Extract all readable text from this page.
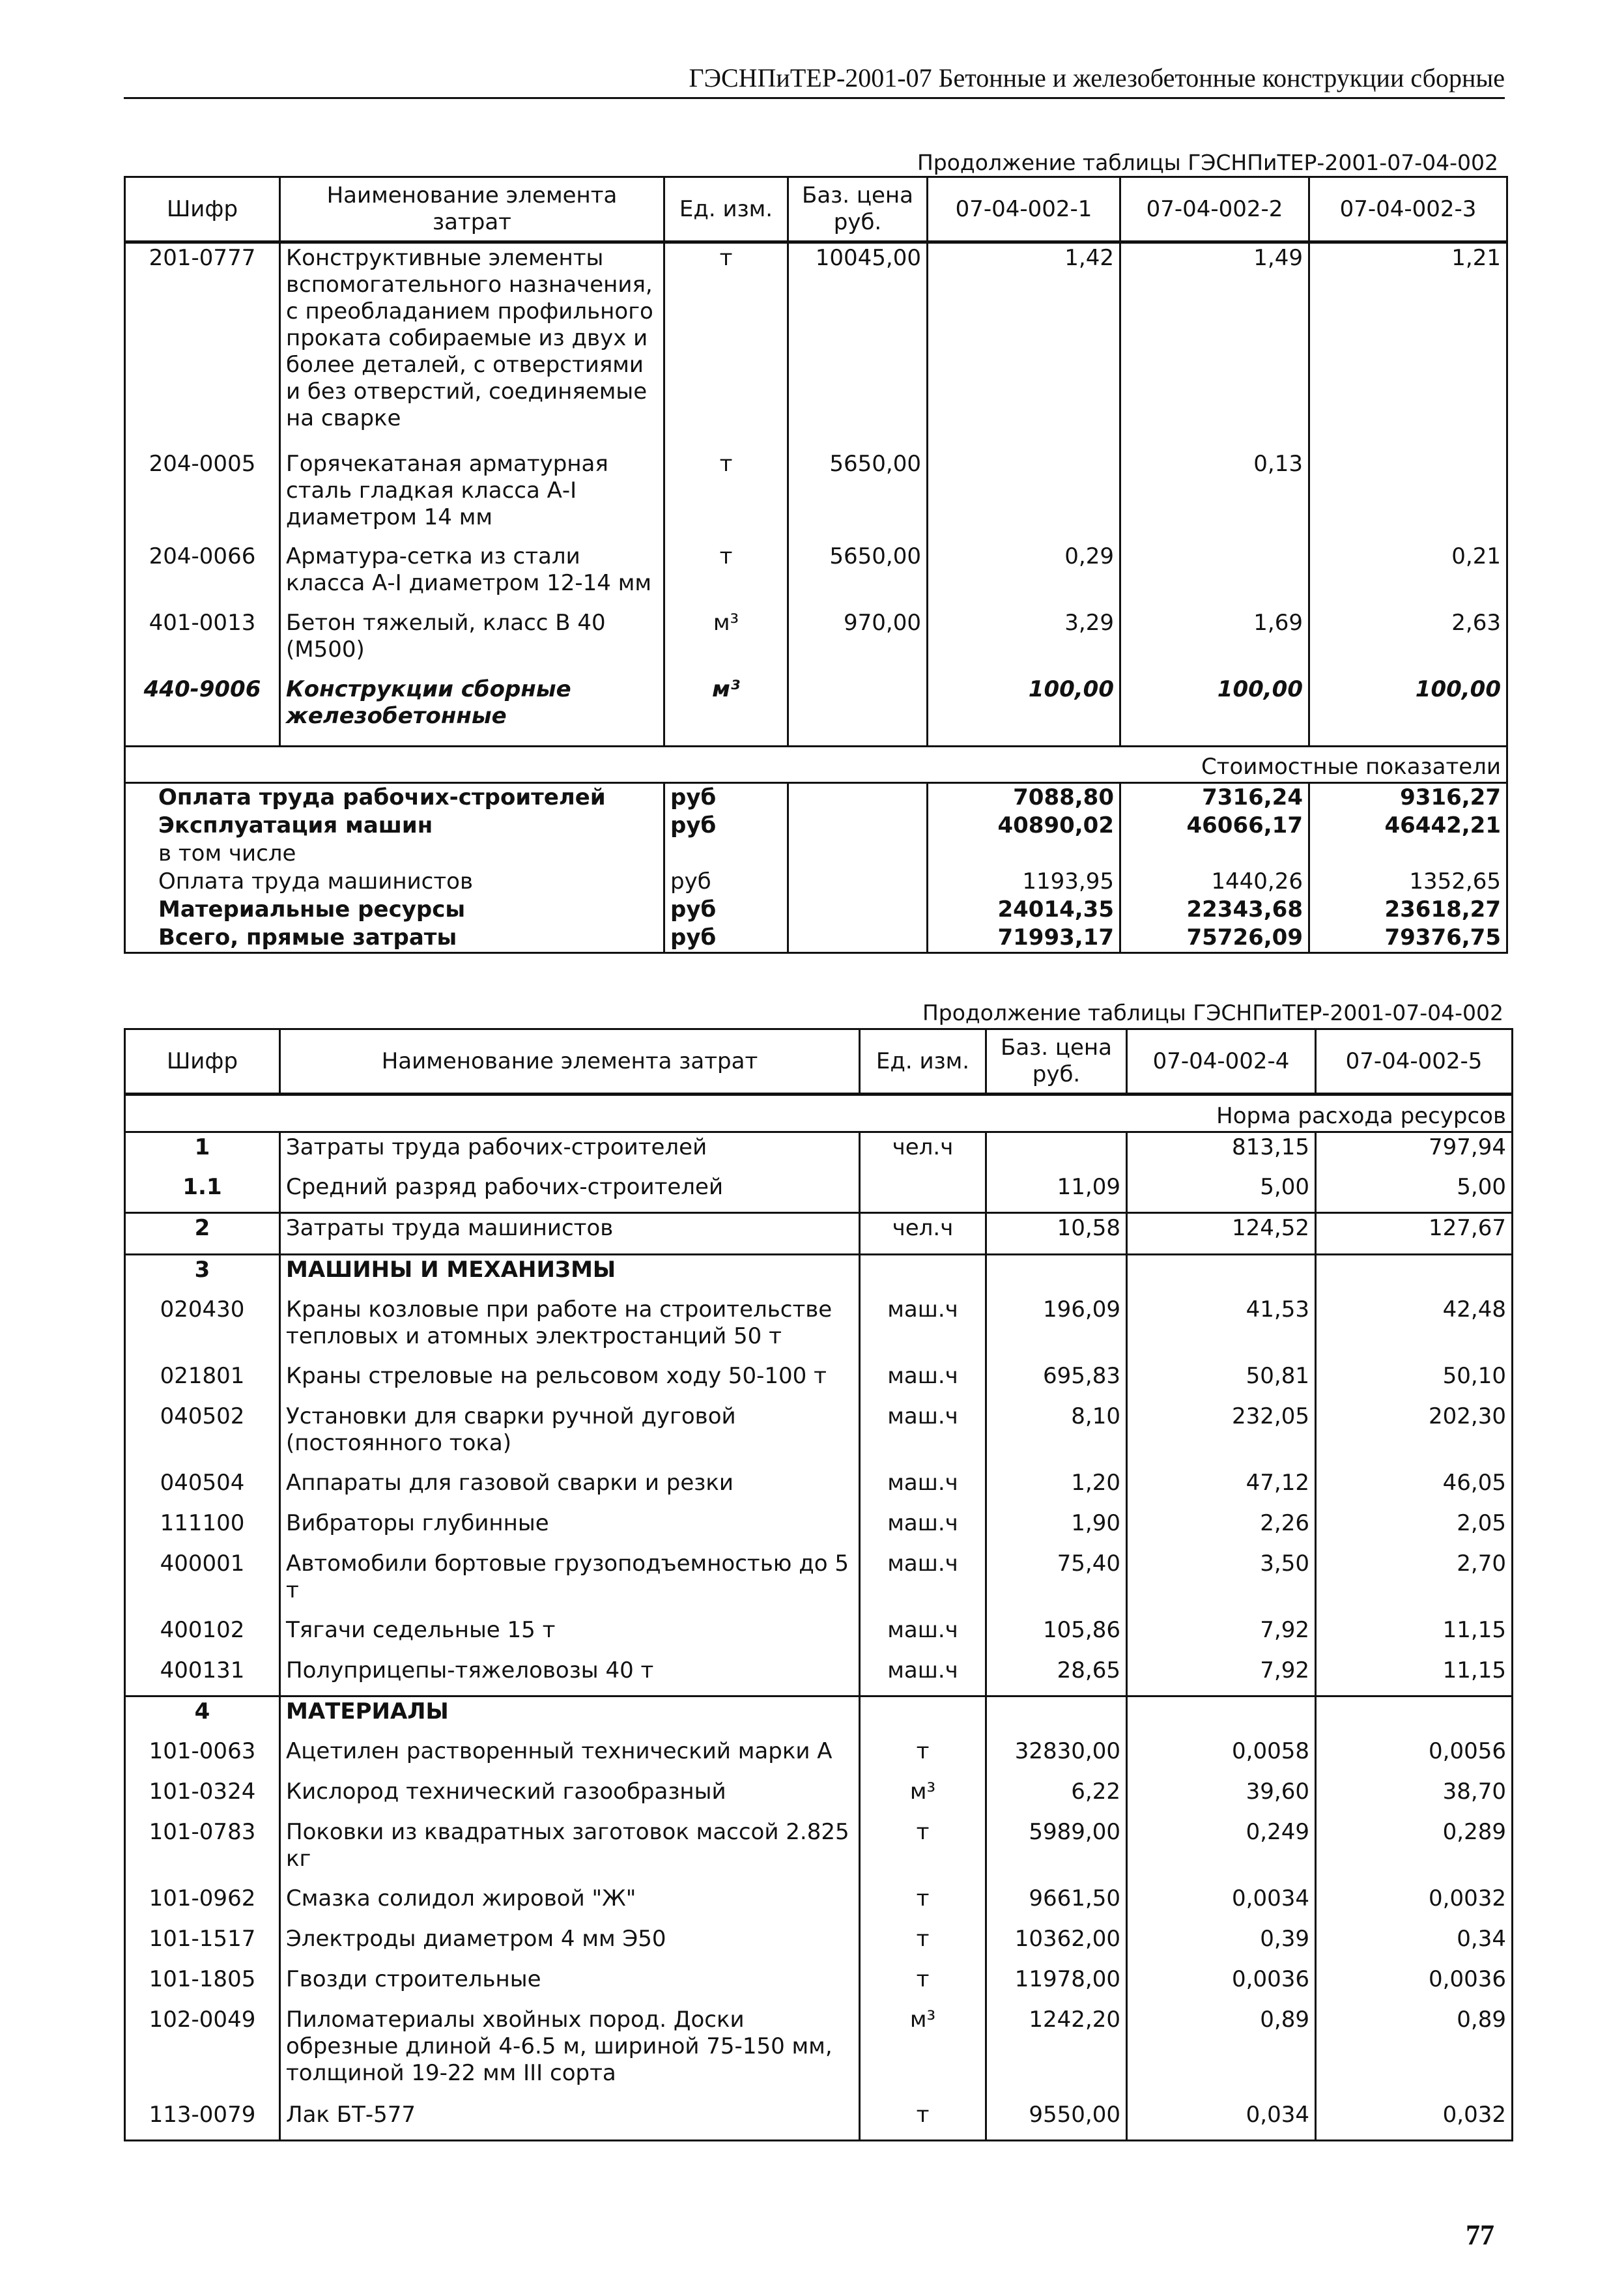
ГЭСНПиТЕР-2001-07 Бетонные и железобетонные конструкции сборные
Продолжение таблицы ГЭСНПиТЕР-2001-07-04-002
Шифр	Наименование элемента затрат	Ед. изм.	Баз. цена руб.	07-04-002-1	07-04-002-2	07-04-002-3
201-0777	Конструктивные элементы вспомогательного назначения, с преобладанием профильного проката собираемые из двух и более деталей, с отверстиями и без отверстий, соединяемые на сварке	т	10045,00	1,42	1,49	1,21
204-0005	Горячекатаная арматурная сталь гладкая класса А-I диаметром 14 мм	т	5650,00		0,13	
204-0066	Арматура-сетка из стали класса А-I диаметром 12-14 мм	т	5650,00	0,29		0,21
401-0013	Бетон тяжелый, класс В 40 (М500)	м³	970,00	3,29	1,69	2,63
440-9006	Конструкции сборные железобетонные	м³		100,00	100,00	100,00
Стоимостные показатели						
Оплата труда рабочих-строителей		руб		7088,80	7316,24	9316,27
Эксплуатация машин		руб		40890,02	46066,17	46442,21
в том числе						
Оплата труда машинистов		руб		1193,95	1440,26	1352,65
Материальные ресурсы		руб		24014,35	22343,68	23618,27
Всего, прямые затраты		руб		71993,17	75726,09	79376,75
Продолжение таблицы ГЭСНПиТЕР-2001-07-04-002
Шифр	Наименование элемента затрат	Ед. изм.	Баз. цена руб.	07-04-002-4	07-04-002-5
Норма расхода ресурсов					
1	Затраты труда рабочих-строителей	чел.ч		813,15	797,94
1.1	Средний разряд рабочих-строителей		11,09	5,00	5,00
2	Затраты труда машинистов	чел.ч	10,58	124,52	127,67
3	МАШИНЫ И МЕХАНИЗМЫ				
020430	Краны козловые при работе на строительстве тепловых и атомных электростанций 50 т	маш.ч	196,09	41,53	42,48
021801	Краны стреловые на рельсовом ходу 50-100 т	маш.ч	695,83	50,81	50,10
040502	Установки для сварки ручной дуговой (постоянного тока)	маш.ч	8,10	232,05	202,30
040504	Аппараты для газовой сварки и резки	маш.ч	1,20	47,12	46,05
111100	Вибраторы глубинные	маш.ч	1,90	2,26	2,05
400001	Автомобили бортовые грузоподъемностью до 5 т	маш.ч	75,40	3,50	2,70
400102	Тягачи седельные 15 т	маш.ч	105,86	7,92	11,15
400131	Полуприцепы-тяжеловозы 40 т	маш.ч	28,65	7,92	11,15
4	МАТЕРИАЛЫ				
101-0063	Ацетилен растворенный технический марки А	т	32830,00	0,0058	0,0056
101-0324	Кислород технический газообразный	м³	6,22	39,60	38,70
101-0783	Поковки из квадратных заготовок массой 2.825 кг	т	5989,00	0,249	0,289
101-0962	Смазка солидол жировой "Ж"	т	9661,50	0,0034	0,0032
101-1517	Электроды диаметром 4 мм Э50	т	10362,00	0,39	0,34
101-1805	Гвозди строительные	т	11978,00	0,0036	0,0036
102-0049	Пиломатериалы хвойных пород. Доски обрезные длиной 4-6.5 м, шириной 75-150 мм, толщиной 19-22 мм III сорта	м³	1242,20	0,89	0,89
113-0079	Лак БТ-577	т	9550,00	0,034	0,032
77
